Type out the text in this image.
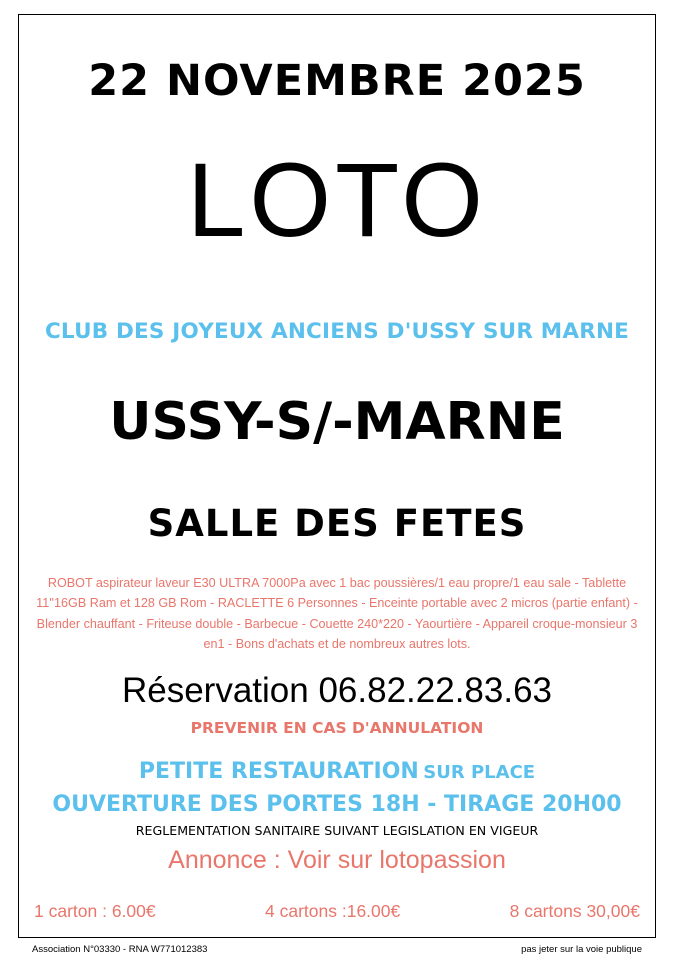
22 NOVEMBRE 2025
LOTO
CLUB DES JOYEUX ANCIENS D'USSY SUR MARNE
USSY-S/-MARNE
SALLE DES FETES
ROBOT aspirateur laveur E30 ULTRA 7000Pa avec 1 bac poussières/1 eau propre/1 eau sale - Tablette 11''16GB Ram et 128 GB Rom - RACLETTE 6 Personnes - Enceinte portable avec 2 micros (partie enfant) - Blender chauffant - Friteuse double - Barbecue - Couette 240*220 - Yaourtière - Appareil croque-monsieur 3 en1 - Bons d'achats et de nombreux autres lots.
Réservation 06.82.22.83.63
PREVENIR EN CAS D'ANNULATION
PETITE RESTAURATION SUR PLACE
OUVERTURE DES PORTES 18H - TIRAGE 20H00
REGLEMENTATION SANITAIRE SUIVANT LEGISLATION EN VIGEUR
Annonce : Voir sur lotopassion
1 carton : 6.00€	4 cartons :16.00€	8 cartons 30,00€
Association N°03330 - RNA W771012383	pas jeter sur la voie publique
